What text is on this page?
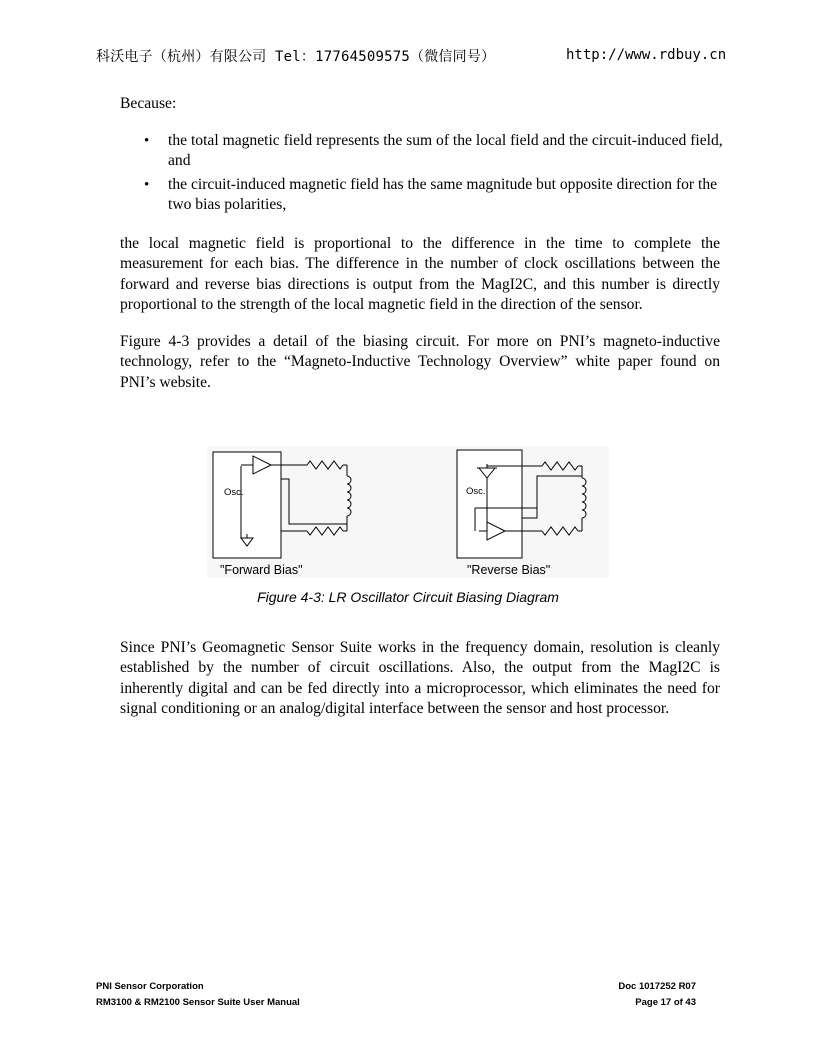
科沃电子（杭州）有限公司 Tel：17764509575（微信同号）	http://www.rdbuy.cn

Because:

• the total magnetic field represents the sum of the local field and the circuit-induced field, and
• the circuit-induced magnetic field has the same magnitude but opposite direction for the two bias polarities,

the local magnetic field is proportional to the difference in the time to complete the measurement for each bias. The difference in the number of clock oscillations between the forward and reverse bias directions is output from the MagI2C, and this number is directly proportional to the strength of the local magnetic field in the direction of the sensor.

Figure 4-3 provides a detail of the biasing circuit. For more on PNI’s magneto-inductive technology, refer to the “Magneto-Inductive Technology Overview” white paper found on PNI’s website.

Osc.	Osc.
"Forward Bias"	"Reverse Bias"
Figure 4-3: LR Oscillator Circuit Biasing Diagram

Since PNI’s Geomagnetic Sensor Suite works in the frequency domain, resolution is cleanly established by the number of circuit oscillations. Also, the output from the MagI2C is inherently digital and can be fed directly into a microprocessor, which eliminates the need for signal conditioning or an analog/digital interface between the sensor and host processor.

PNI Sensor Corporation
RM3100 & RM2100 Sensor Suite User Manual
Doc 1017252 R07
Page 17 of 43
